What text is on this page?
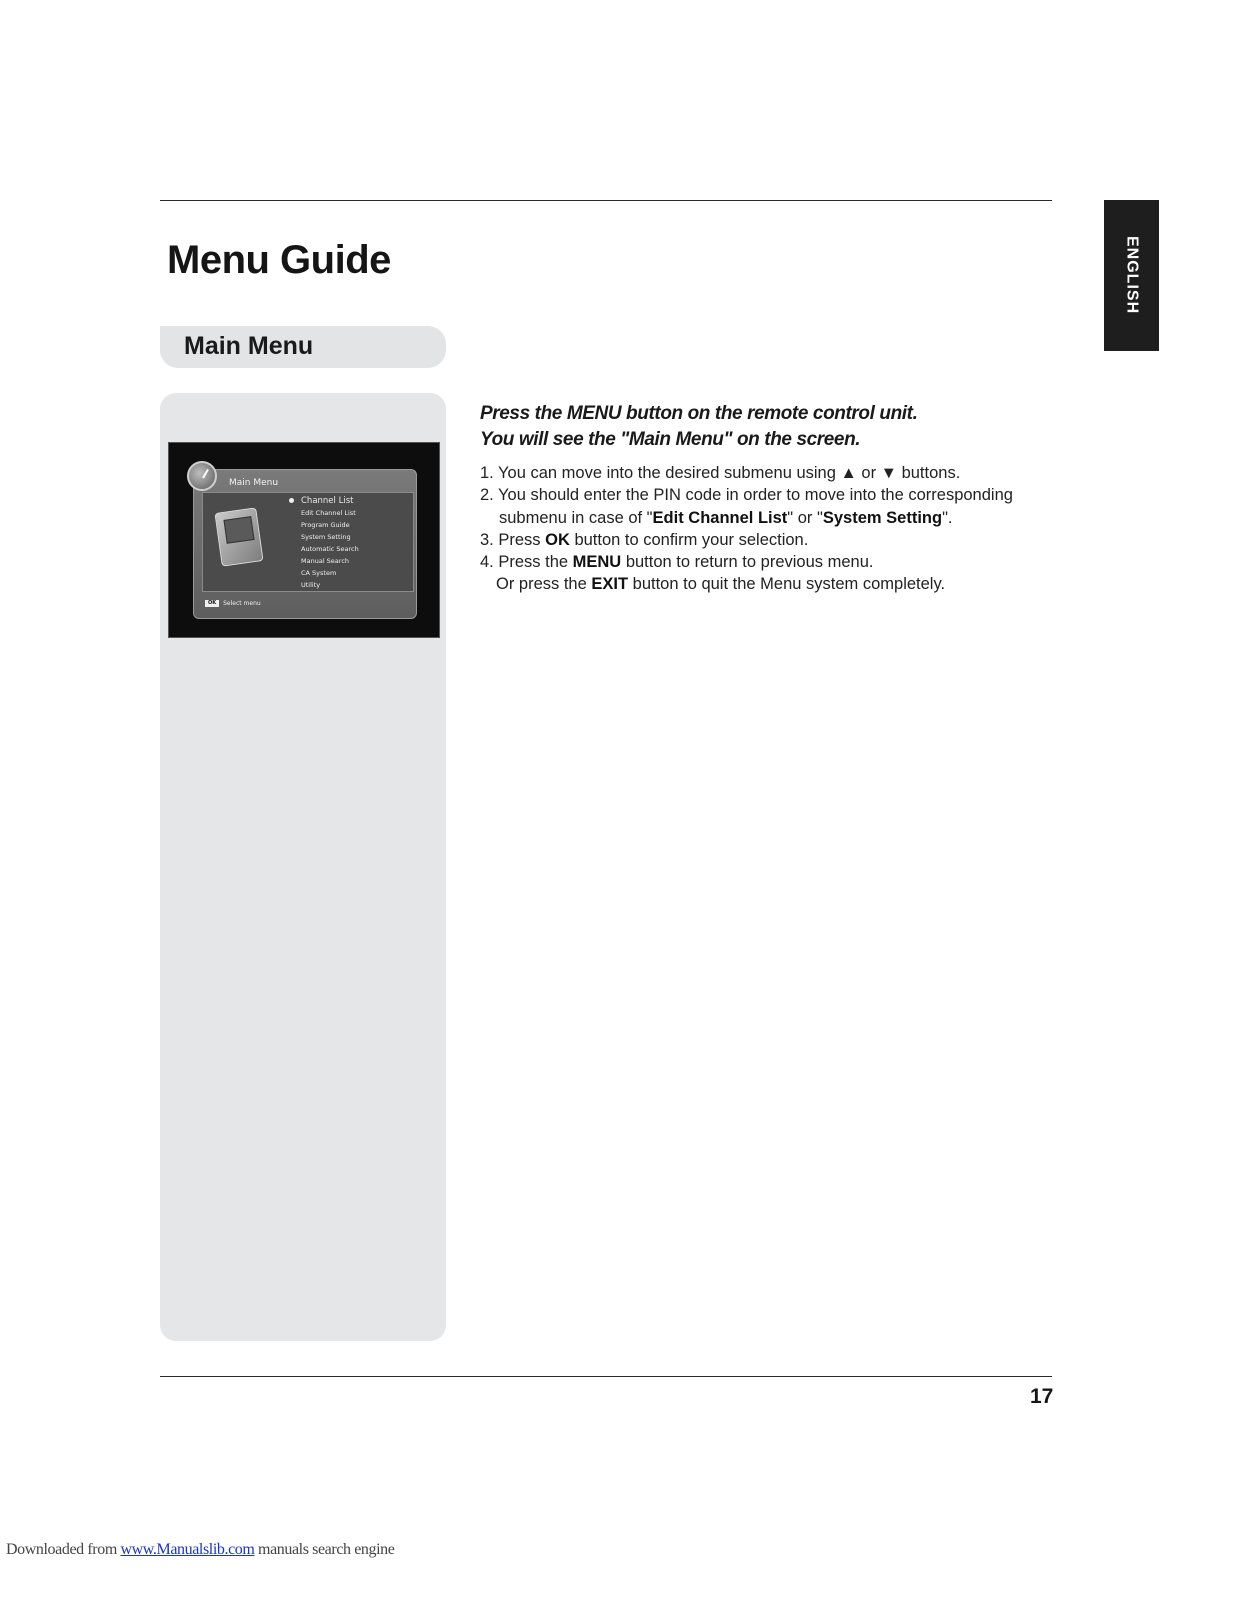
ENGLISH
Menu Guide
Main Menu
Main Menu
Channel List
Edit Channel List
Program Guide
System Setting
Automatic Search
Manual Search
CA System
Utility
OK	Select menu

Press the MENU button on the remote control unit.
You will see the "Main Menu" on the screen.

1. You can move into the desired submenu using ▲ or ▼ buttons.
2. You should enter the PIN code in order to move into the corresponding
submenu in case of "Edit Channel List" or "System Setting".
3. Press OK button to confirm your selection.
4. Press the MENU button to return to previous menu.
Or press the EXIT button to quit the Menu system completely.
17
Downloaded from www.Manualslib.com manuals search engine
